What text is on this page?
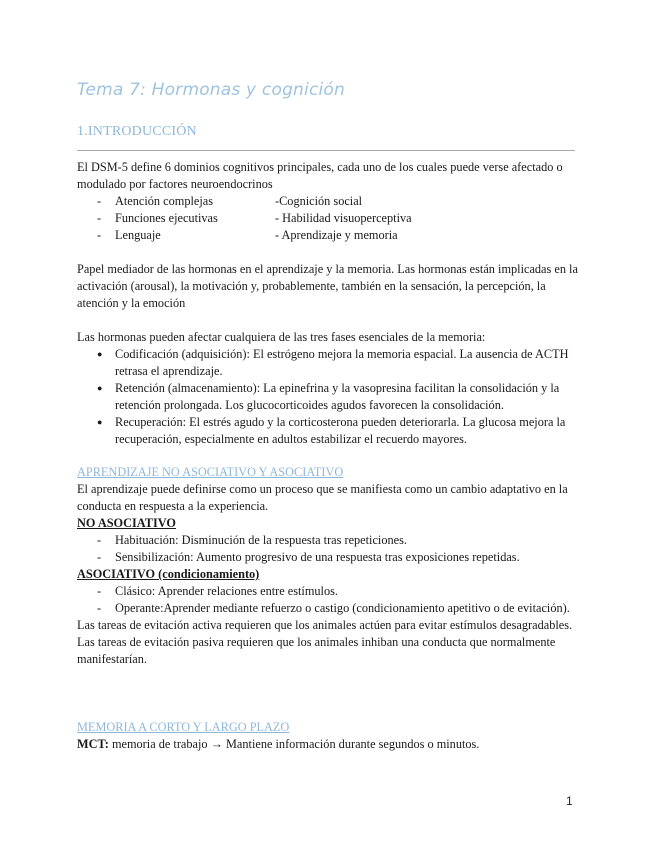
Tema 7: Hormonas y cognición
1.INTRODUCCIÓN

El DSM-5 define 6 dominios cognitivos principales, cada uno de los cuales puede verse afectado o modulado por factores neuroendocrinos

- Atención complejas	-Cognición social
- Funciones ejecutivas	- Habilidad visuoperceptiva
- Lenguaje	- Aprendizaje y memoria

Papel mediador de las hormonas en el aprendizaje y la memoria. Las hormonas están implicadas en la activación (arousal), la motivación y, probablemente, también en la sensación, la percepción, la atención y la emoción

Las hormonas pueden afectar cualquiera de las tres fases esenciales de la memoria:

● Codificación (adquisición): El estrógeno mejora la memoria espacial. La ausencia de ACTH retrasa el aprendizaje.
● Retención (almacenamiento): La epinefrina y la vasopresina facilitan la consolidación y la retención prolongada. Los glucocorticoides agudos favorecen la consolidación.
● Recuperación: El estrés agudo y la corticosterona pueden deteriorarla. La glucosa mejora la recuperación, especialmente en adultos estabilizar el recuerdo mayores.

APRENDIZAJE NO ASOCIATIVO Y ASOCIATIVO

El aprendizaje puede definirse como un proceso que se manifiesta como un cambio adaptativo en la conducta en respuesta a la experiencia.

NO ASOCIATIVO

- Habituación: Disminución de la respuesta tras repeticiones.
- Sensibilización: Aumento progresivo de una respuesta tras exposiciones repetidas.

ASOCIATIVO (condicionamiento)

- Clásico: Aprender relaciones entre estímulos.
- Operante:Aprender mediante refuerzo o castigo (condicionamiento apetitivo o de evitación).

Las tareas de evitación activa requieren que los animales actúen para evitar estímulos desagradables.

Las tareas de evitación pasiva requieren que los animales inhiban una conducta que normalmente manifestarían.

MEMORIA A CORTO Y LARGO PLAZO

MCT: memoria de trabajo → Mantiene información durante segundos o minutos.

1
